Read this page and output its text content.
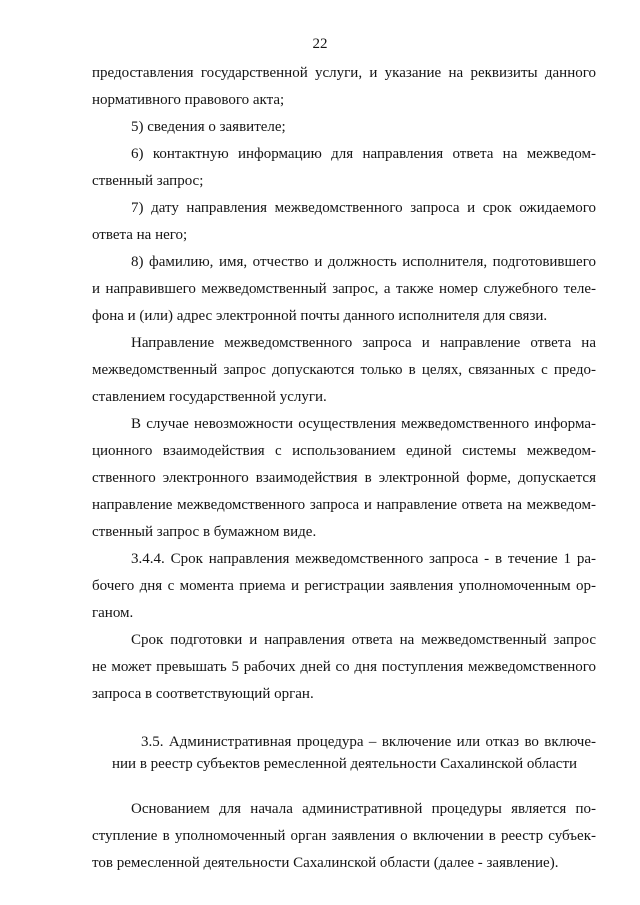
22
предоставления государственной услуги, и указание на реквизиты данного
нормативного правового акта;
5) сведения о заявителе;
6) контактную информацию для направления ответа на межведом-
ственный запрос;
7) дату направления межведомственного запроса и срок ожидаемого
ответа на него;
8) фамилию, имя, отчество и должность исполнителя, подготовившего
и направившего межведомственный запрос, а также номер служебного теле-
фона и (или) адрес электронной почты данного исполнителя для связи.
Направление межведомственного запроса и направление ответа на
межведомственный запрос допускаются только в целях, связанных с предо-
ставлением государственной услуги.
В случае невозможности осуществления межведомственного информа-
ционного взаимодействия с использованием единой системы межведом-
ственного электронного взаимодействия в электронной форме, допускается
направление межведомственного запроса и направление ответа на межведом-
ственный запрос в бумажном виде.
3.4.4. Срок направления межведомственного запроса - в течение 1 ра-
бочего дня с момента приема и регистрации заявления уполномоченным ор-
ганом.
Срок подготовки и направления ответа на межведомственный запрос
не может превышать 5 рабочих дней со дня поступления межведомственного
запроса в соответствующий орган.
3.5. Административная процедура – включение или отказ во включе-
нии в реестр субъектов ремесленной деятельности Сахалинской области
Основанием для начала административной процедуры является по-
ступление в уполномоченный орган заявления о включении в реестр субъек-
тов ремесленной деятельности Сахалинской области (далее - заявление).
